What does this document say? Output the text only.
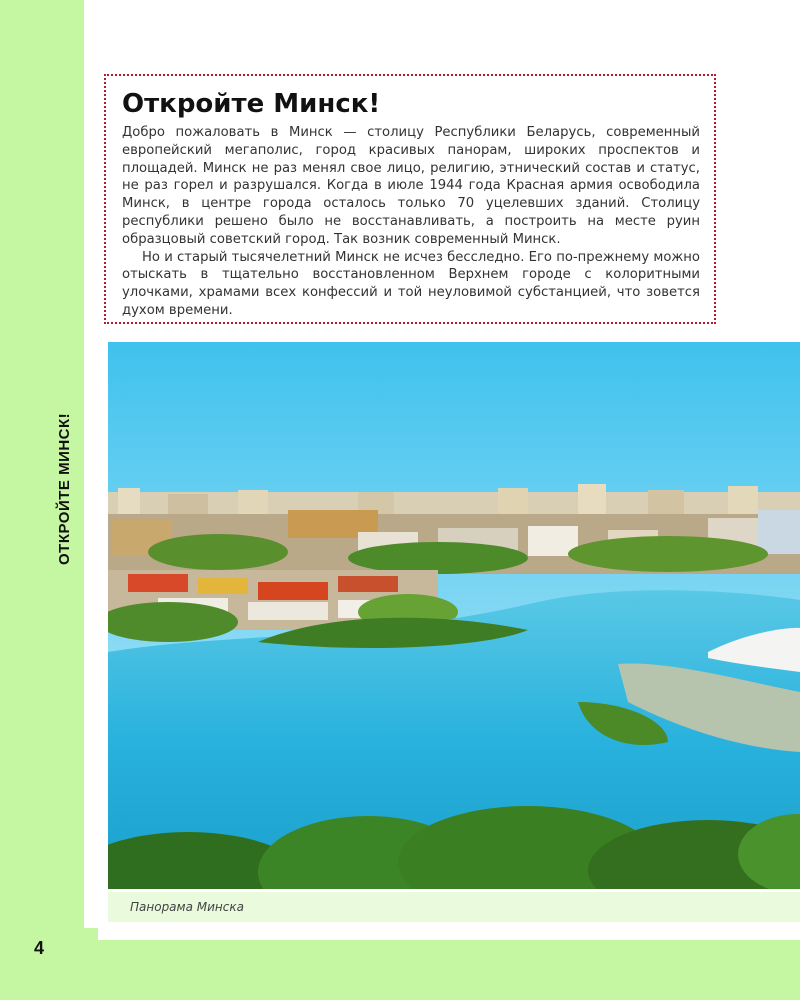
ОТКРОЙТЕ МИНСК!
Откройте Минск!

Добро пожаловать в Минск — столицу Республики Беларусь, современный европейский мегаполис, город красивых панорам, широких проспектов и площадей. Минск не раз менял свое лицо, религию, этнический состав и статус, не раз горел и разрушался. Когда в июле 1944 года Красная армия освободила Минск, в центре города осталось только 70 уцелевших зданий. Столицу республики решено было не восстанавливать, а построить на месте руин образцовый советский город. Так возник современный Минск.

Но и старый тысячелетний Минск не исчез бесследно. Его по-прежнему можно отыскать в тщательно восстановленном Верхнем городе с колоритными улочками, храмами всех конфессий и той неуловимой субстанцией, что зовется духом времени.

Панорама Минска
4
